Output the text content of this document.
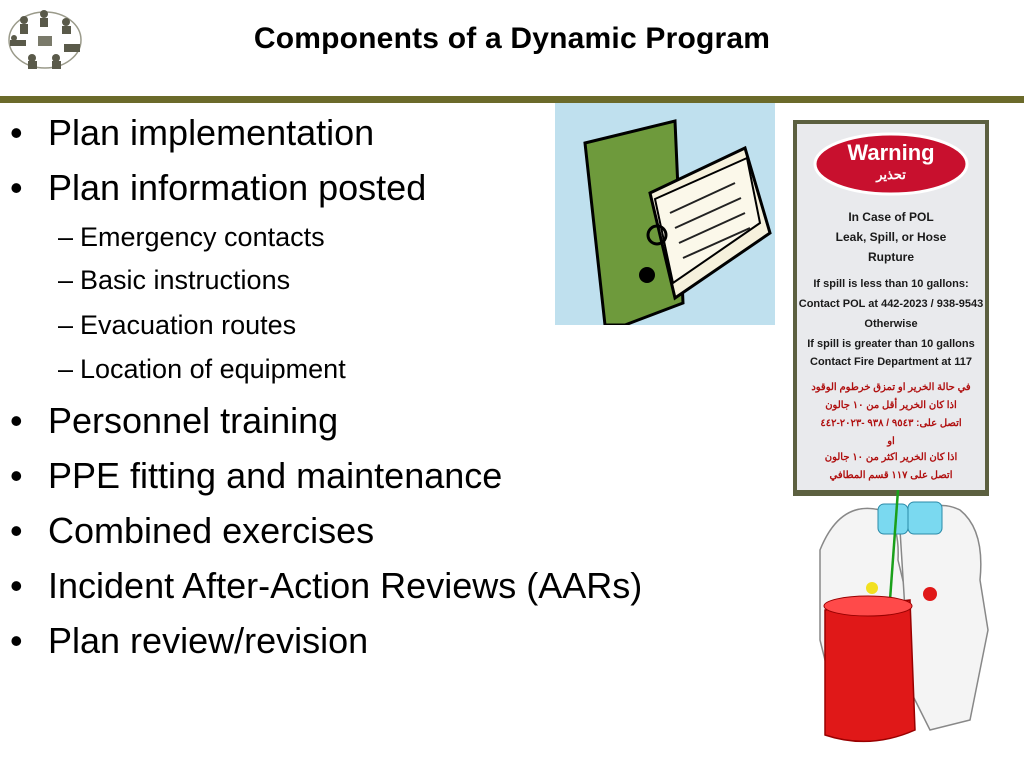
Components of a Dynamic Program
• Plan implementation
• Plan information posted
– Emergency contacts
– Basic instructions
– Evacuation routes
– Location of equipment
• Personnel training
• PPE fitting and maintenance
• Combined exercises
• Incident After-Action Reviews (AARs)
• Plan review/revision
Warning
تحذير
In Case of POL
Leak, Spill, or Hose
Rupture
If spill is less than 10 gallons:
Contact POL at 442-2023 / 938-9543
Otherwise
If spill is greater than 10 gallons
Contact Fire Department at 117
في حالة الخرير او تمزق خرطوم الوقود
اذا كان الخرير أقل من ١٠ جالون
اتصل على: ٩٥٤٣ / ٩٣٨ -٢٠٢٣-٤٤٢
او
اذا كان الخرير اكثر من ١٠ جالون
اتصل على ١١٧ قسم المطافي
